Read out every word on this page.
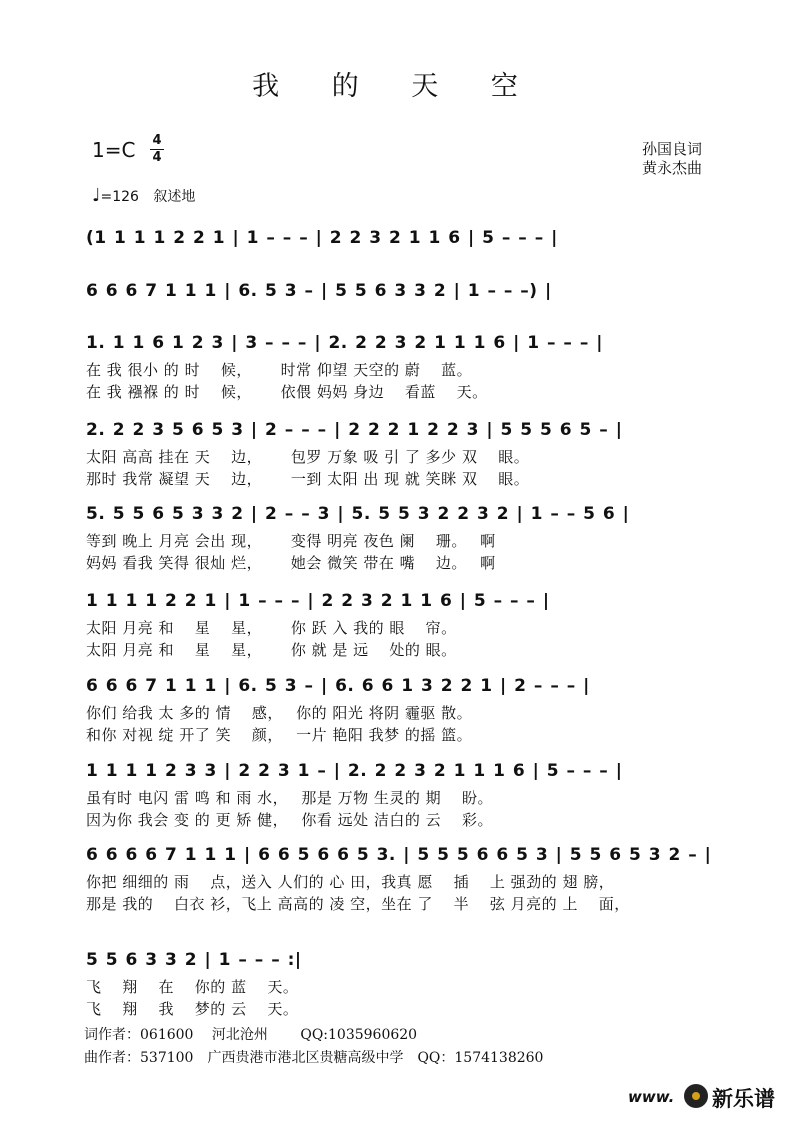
我 的 天 空
1=C 4
4	孙国良词
黄永杰曲
♩=126 叙述地
(1 1 1 1 2 2 1 | 1 – – – | 2 2 3 2 1 1 6 | 5 – – – |
6 6 6 7 1 1 1 | 6. 5 3 – | 5 5 6 3 3 2 | 1 – – –) |
1. 1 1 6 1 2 3 | 3 – – – | 2. 2 2 3 2 1 1 1 6 | 1 – – – |
在 我 很小 的 时　 候，　　 时常 仰望 天空的 蔚　 蓝。
在 我 襁褓 的 时　 候，　　 依偎 妈妈 身边　 看蓝　 天。
2. 2 2 3 5 6 5 3 | 2 – – – | 2 2 2 1 2 2 3 | 5 5 5 6 5 – |
太阳 高高 挂在 天　 边，　　 包罗 万象 吸 引 了 多少 双　 眼。
那时 我常 凝望 天　 边，　　 一到 太阳 出 现 就 笑眯 双　 眼。
5. 5 5 6 5 3 3 2 | 2 – – 3 | 5. 5 5 3 2 2 3 2 | 1 – – 5 6 |
等到 晚上 月亮 会出 现，　　 变得 明亮 夜色 阑　 珊。　 啊
妈妈 看我 笑得 很灿 烂，　　 她会 微笑 带在 嘴　 边。　 啊
1 1 1 1 2 2 1 | 1 – – – | 2 2 3 2 1 1 6 | 5 – – – |
太阳 月亮 和　 星　 星，　　 你 跃 入 我的 眼　 帘。
太阳 月亮 和　 星　 星，　　 你 就 是 远　 处的 眼。
6 6 6 7 1 1 1 | 6. 5 3 – | 6. 6 6 1 3 2 2 1 | 2 – – – |
你们 给我 太 多的 情　 感，　 你的 阳光 将阴 霾驱 散。
和你 对视 绽 开了 笑　 颜，　 一片 艳阳 我梦 的摇 篮。
1 1 1 1 2 3 3 | 2 2 3 1 – | 2. 2 2 3 2 1 1 1 6 | 5 – – – |
虽有时 电闪 雷 鸣 和 雨 水，　 那是 万物 生灵的 期　 盼。
因为你 我会 变 的 更 矫 健，　 你看 远处 洁白的 云　 彩。
6 6 6 6 7 1 1 1 | 6 6 5 6 6 5 3. | 5 5 5 6 6 5 3 | 5 5 6 5 3 2 – |
你把 细细的 雨　 点，送入 人们的 心 田，我真 愿　 插　 上 强劲的 翅 膀，
那是 我的　 白衣 衫，飞上 高高的 凌 空，坐在 了　 半　 弦 月亮的 上　 面，
5 5 6 3 3 2 | 1 – – – :|
飞　 翔　 在　 你的 蓝　 天。
飞　 翔　 我　 梦的 云　 天。
词作者：061600　 河北沧州　　 QQ:1035960620
曲作者：537100　广西贵港市港北区贵糖高级中学　QQ：1574138260
www. 新乐谱
